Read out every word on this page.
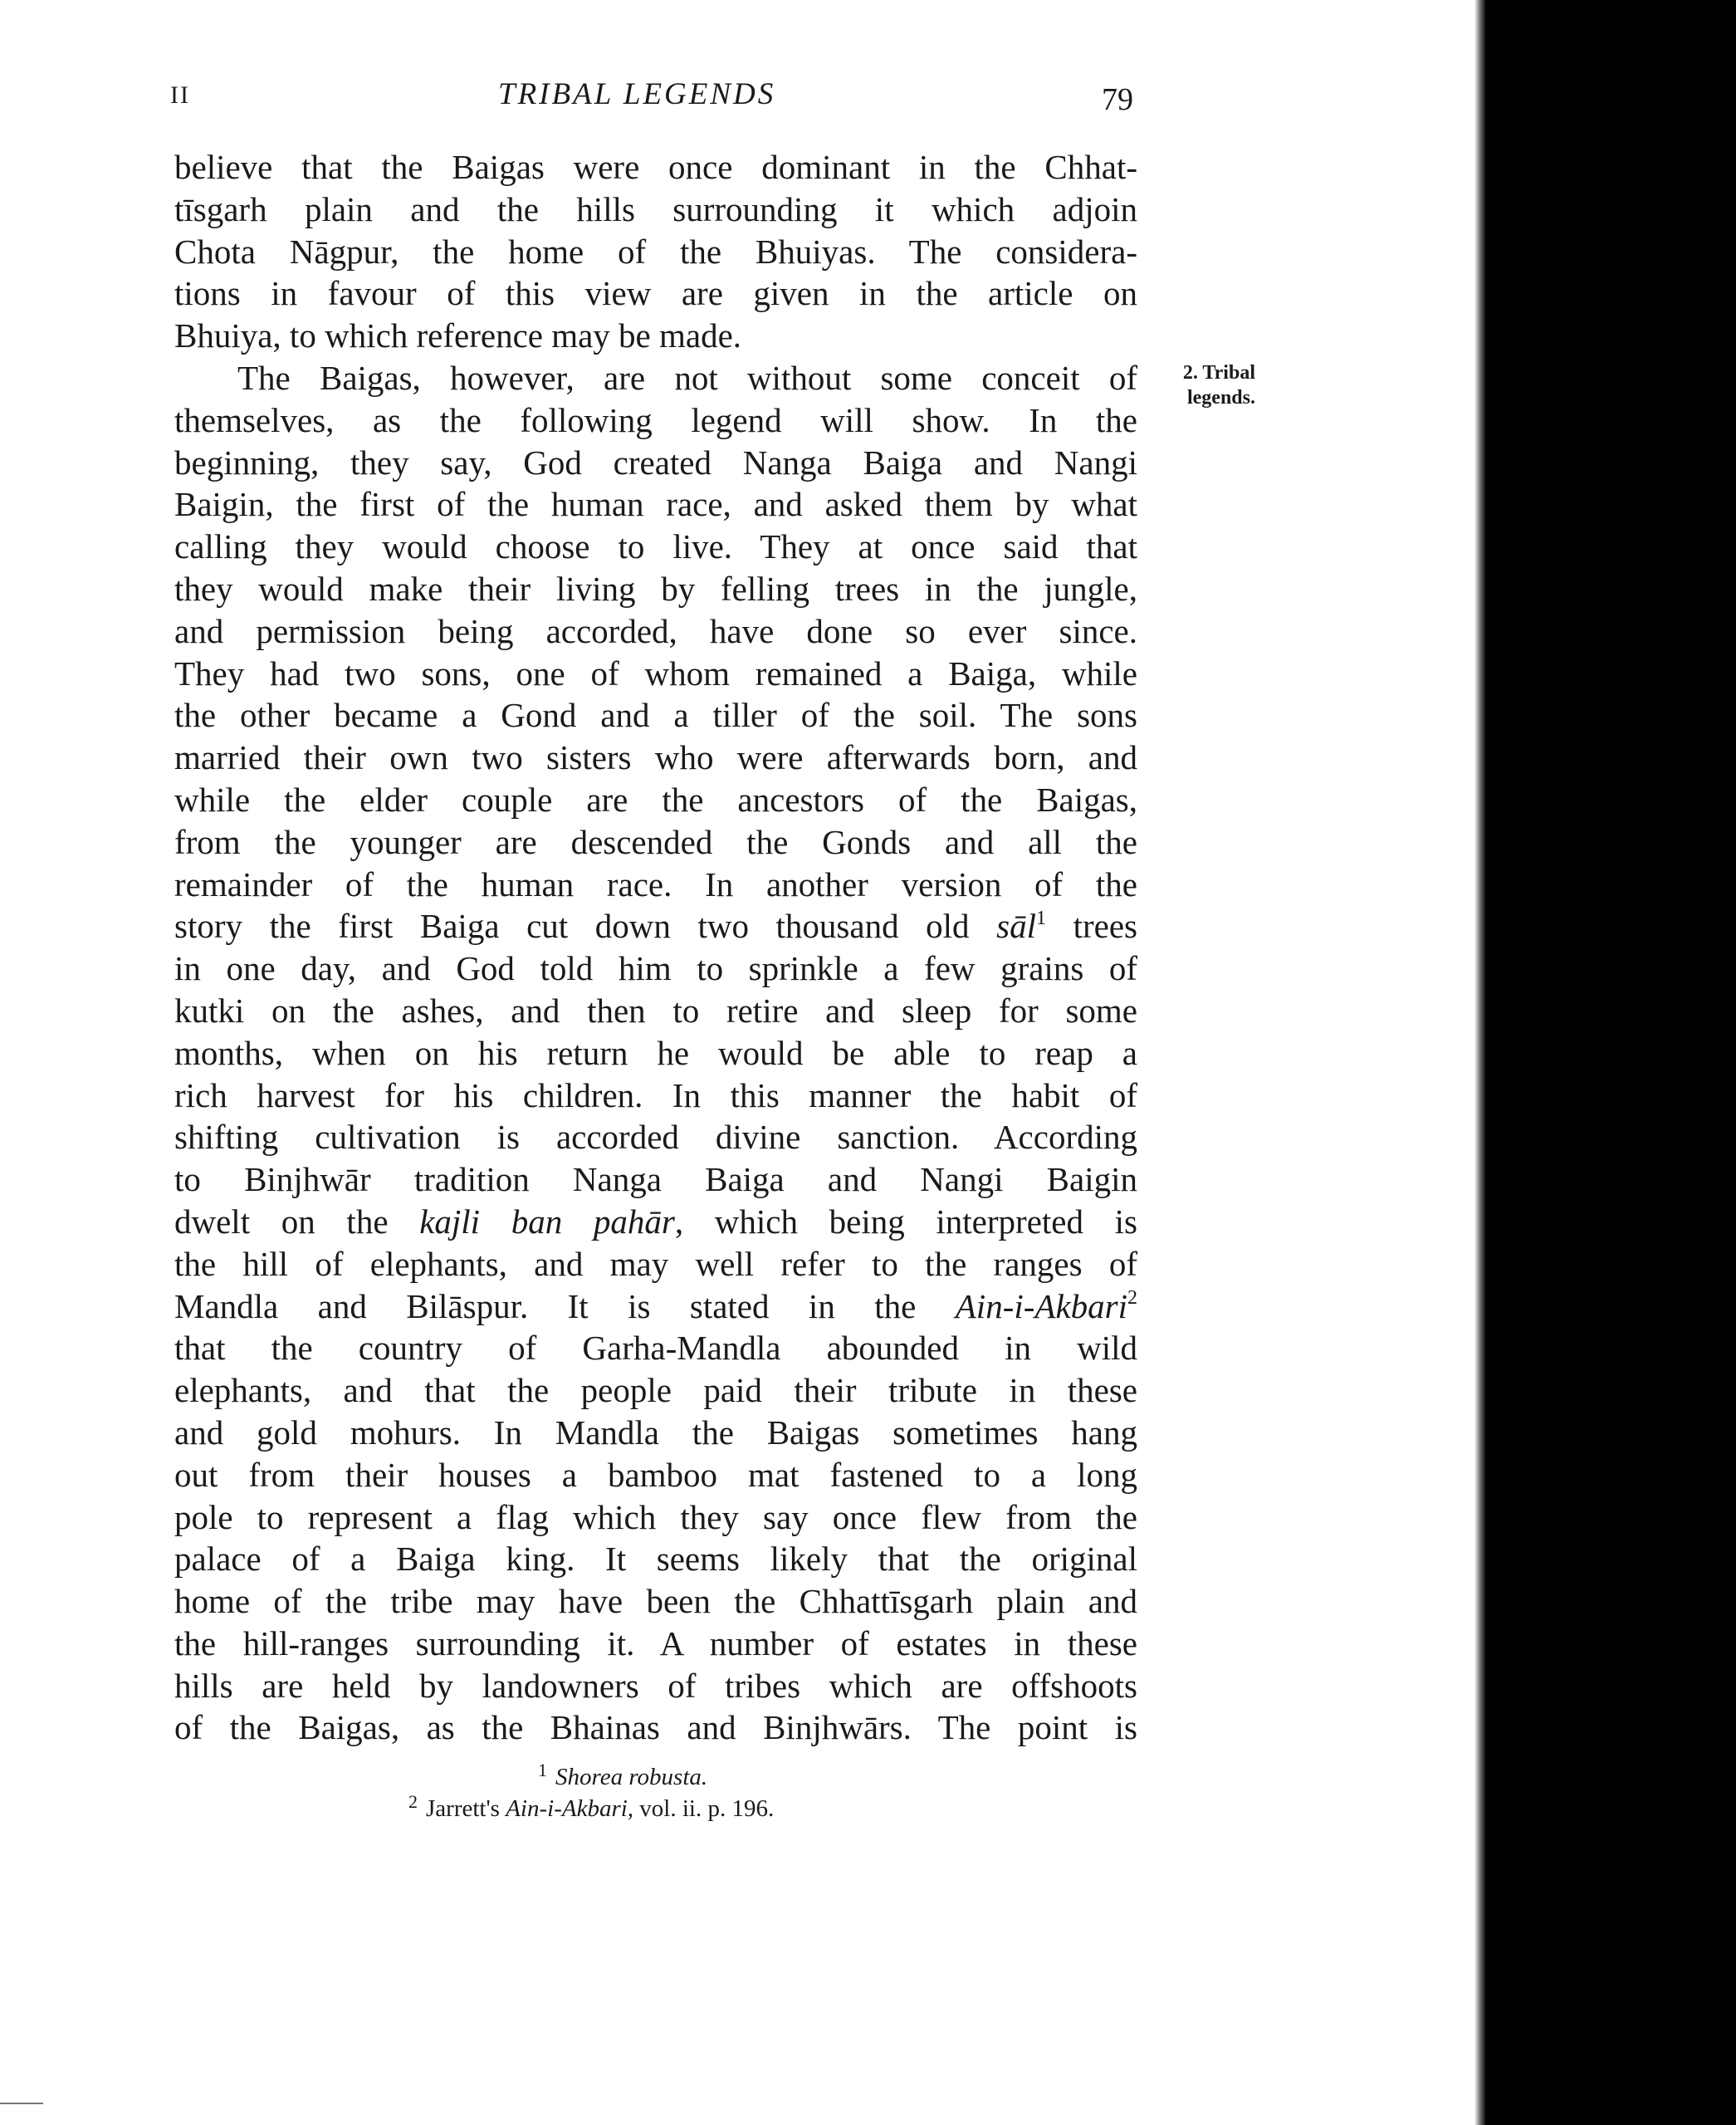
II	TRIBAL LEGENDS	79
2. Tribal
legends.
believe that the Baigas were once dominant in the Chhat-
tīsgarh plain and the hills surrounding it which adjoin
Chota Nāgpur, the home of the Bhuiyas. The considera-
tions in favour of this view are given in the article on
Bhuiya, to which reference may be made.
The Baigas, however, are not without some conceit of
themselves, as the following legend will show. In the
beginning, they say, God created Nanga Baiga and Nangi
Baigin, the first of the human race, and asked them by what
calling they would choose to live. They at once said that
they would make their living by felling trees in the jungle,
and permission being accorded, have done so ever since.
They had two sons, one of whom remained a Baiga, while
the other became a Gond and a tiller of the soil. The sons
married their own two sisters who were afterwards born, and
while the elder couple are the ancestors of the Baigas,
from the younger are descended the Gonds and all the
remainder of the human race. In another version of the
story the first Baiga cut down two thousand old sāl$^1$ trees
in one day, and God told him to sprinkle a few grains of
kutki on the ashes, and then to retire and sleep for some
months, when on his return he would be able to reap a
rich harvest for his children. In this manner the habit of
shifting cultivation is accorded divine sanction. According
to Binjhwār tradition Nanga Baiga and Nangi Baigin
dwelt on the kajli ban pahār, which being interpreted is
the hill of elephants, and may well refer to the ranges of
Mandla and Bilāspur. It is stated in the Ain-i-Akbari$^2$
that the country of Garha-Mandla abounded in wild
elephants, and that the people paid their tribute in these
and gold mohurs. In Mandla the Baigas sometimes hang
out from their houses a bamboo mat fastened to a long
pole to represent a flag which they say once flew from the
palace of a Baiga king. It seems likely that the original
home of the tribe may have been the Chhattīsgarh plain and
the hill-ranges surrounding it. A number of estates in these
hills are held by landowners of tribes which are offshoots
of the Baigas, as the Bhainas and Binjhwārs. The point is
$^1$ Shorea robusta.
$^2$ Jarrett's Ain-i-Akbari, vol. ii. p. 196.
